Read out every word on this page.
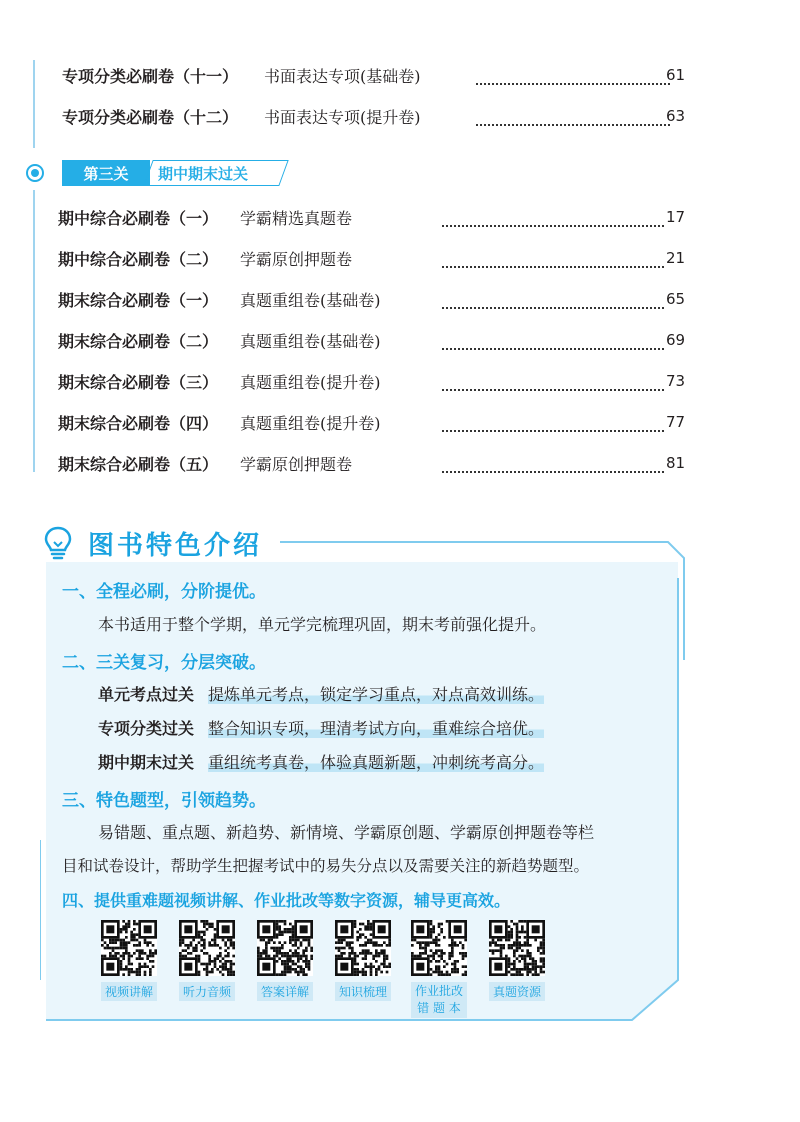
专项分类必刷卷（十一） 书面表达专项(基础卷)	61
专项分类必刷卷（十二） 书面表达专项(提升卷)	63
第三关	期中期末过关
期中综合必刷卷（一） 学霸精选真题卷	17
期中综合必刷卷（二） 学霸原创押题卷	21
期末综合必刷卷（一） 真题重组卷(基础卷)	65
期末综合必刷卷（二） 真题重组卷(基础卷)	69
期末综合必刷卷（三） 真题重组卷(提升卷)	73
期末综合必刷卷（四） 真题重组卷(提升卷)	77
期末综合必刷卷（五） 学霸原创押题卷	81
图书特色介绍
一、全程必刷，分阶提优。
本书适用于整个学期，单元学完梳理巩固，期末考前强化提升。
二、三关复习，分层突破。
单元考点过关 提炼单元考点，锁定学习重点，对点高效训练。
专项分类过关 整合知识专项，理清考试方向，重难综合培优。
期中期末过关 重组统考真卷，体验真题新题，冲刺统考高分。
三、特色题型，引领趋势。
易错题、重点题、新趋势、新情境、学霸原创题、学霸原创押题卷等栏
目和试卷设计，帮助学生把握考试中的易失分点以及需要关注的新趋势题型。
四、提供重难题视频讲解、作业批改等数字资源，辅导更高效。
视频讲解	听力音频	答案详解	知识梳理	作业批改
错 题 本
真题资源
